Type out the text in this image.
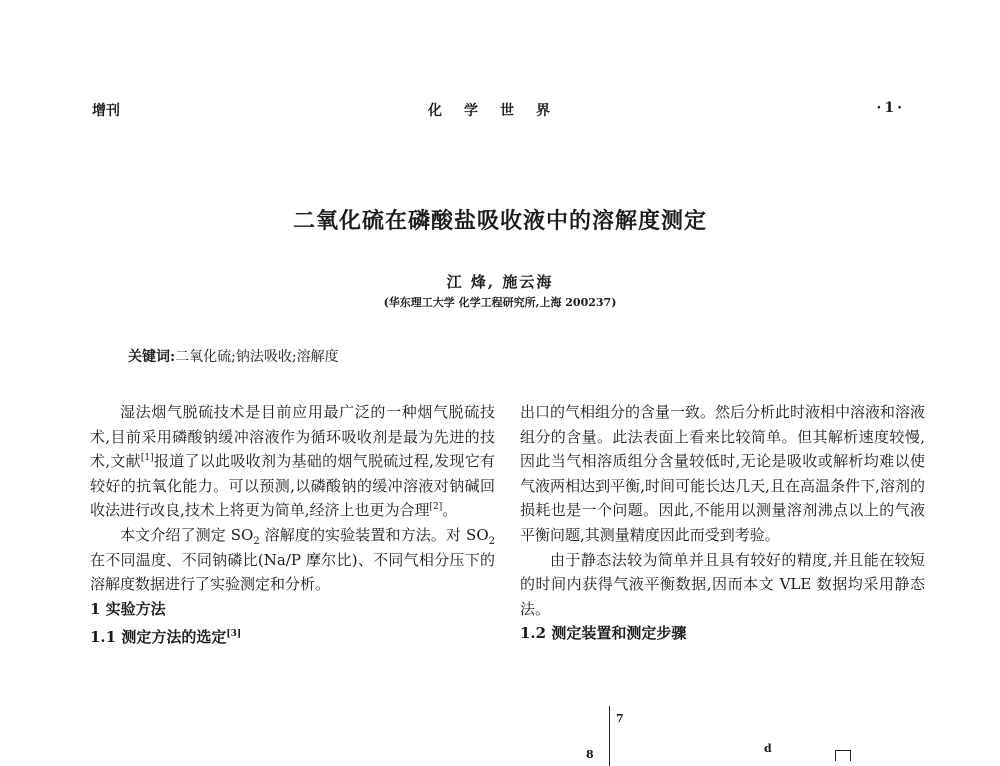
增刊	化学世界	·1·
二氧化硫在磷酸盐吸收液中的溶解度测定
江 烽, 施云海
(华东理工大学 化学工程研究所,上海 200237)
关键词:二氧化硫;钠法吸收;溶解度

湿法烟气脱硫技术是目前应用最广泛的一种烟气脱硫技术,目前采用磷酸钠缓冲溶液作为循环吸收剂是最为先进的技术,文献[1]报道了以此吸收剂为基础的烟气脱硫过程,发现它有较好的抗氧化能力。可以预测,以磷酸钠的缓冲溶液对钠碱回收法进行改良,技术上将更为简单,经济上也更为合理[2]。

本文介绍了测定 $SO_2$ 溶解度的实验装置和方法。对 $SO_2$ 在不同温度、不同钠磷比(Na/P 摩尔比)、不同气相分压下的溶解度数据进行了实验测定和分析。

1 实验方法
1.1 测定方法的选定[3]

出口的气相组分的含量一致。然后分析此时液相中溶液和溶液组分的含量。此法表面上看来比较简单。但其解析速度较慢,因此当气相溶质组分含量较低时,无论是吸收或解析均难以使气液两相达到平衡,时间可能长达几天,且在高温条件下,溶剂的损耗也是一个问题。因此,不能用以测量溶剂沸点以上的气液平衡问题,其测量精度因此而受到考验。

由于静态法较为简单并且具有较好的精度,并且能在较短的时间内获得气液平衡数据,因而本文 VLE 数据均采用静态法。

1.2 测定装置和测定步骤
7
8	d
